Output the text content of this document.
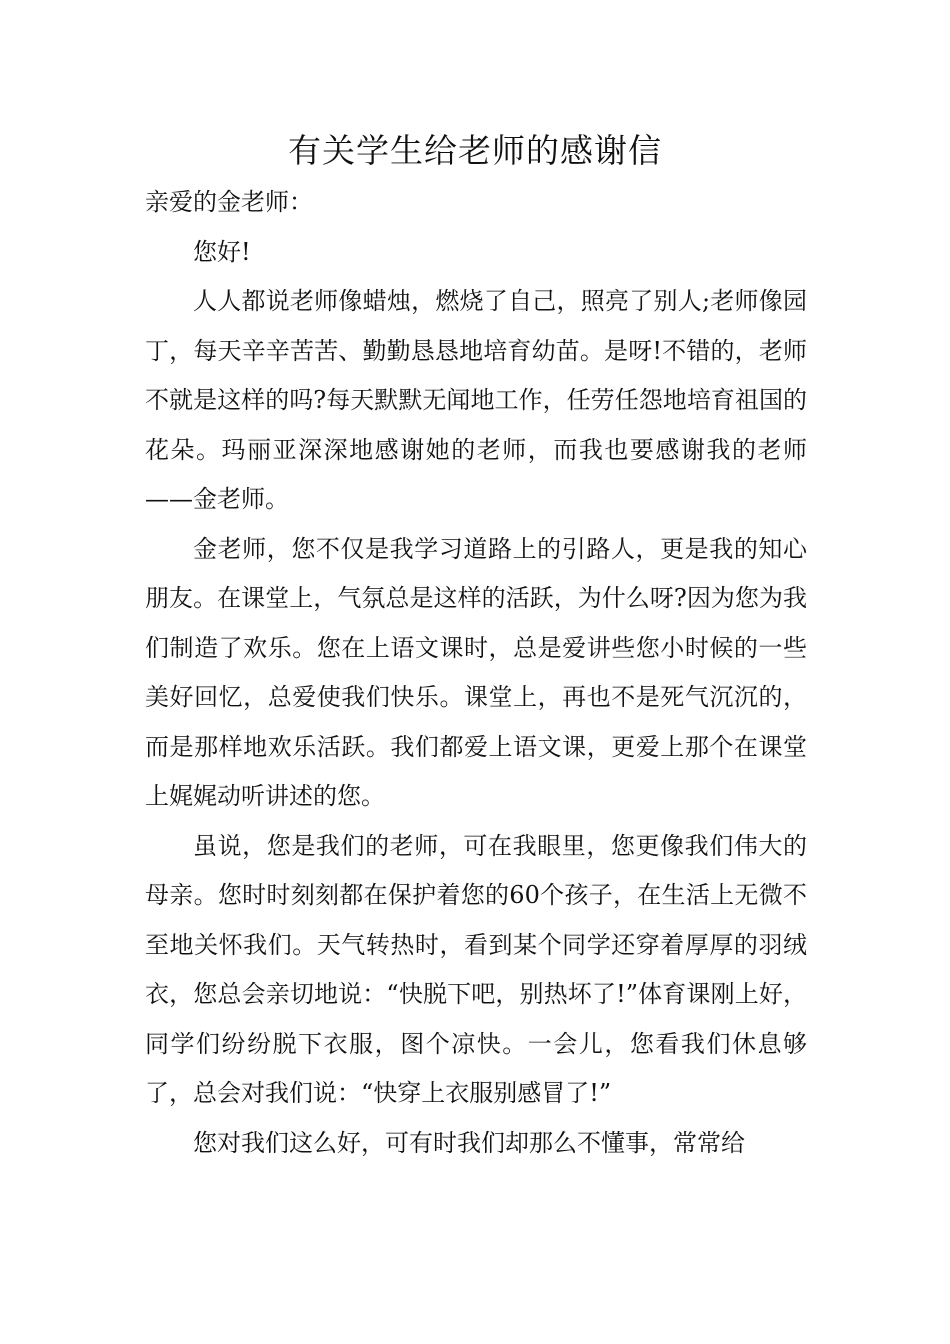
有关学生给老师的感谢信

亲爱的金老师：

您好!

人人都说老师像蜡烛，燃烧了自己，照亮了别人;老师像园丁，每天辛辛苦苦、勤勤恳恳地培育幼苗。是呀!不错的，老师不就是这样的吗?每天默默无闻地工作，任劳任怨地培育祖国的花朵。玛丽亚深深地感谢她的老师，而我也要感谢我的老师——金老师。

金老师，您不仅是我学习道路上的引路人，更是我的知心朋友。在课堂上，气氛总是这样的活跃，为什么呀?因为您为我们制造了欢乐。您在上语文课时，总是爱讲些您小时候的一些美好回忆，总爱使我们快乐。课堂上，再也不是死气沉沉的，而是那样地欢乐活跃。我们都爱上语文课，更爱上那个在课堂上娓娓动听讲述的您。

虽说，您是我们的老师，可在我眼里，您更像我们伟大的母亲。您时时刻刻都在保护着您的60个孩子，在生活上无微不至地关怀我们。天气转热时，看到某个同学还穿着厚厚的羽绒衣，您总会亲切地说：“快脱下吧，别热坏了!”体育课刚上好，同学们纷纷脱下衣服，图个凉快。一会儿，您看我们休息够了，总会对我们说：“快穿上衣服别感冒了!”

您对我们这么好，可有时我们却那么不懂事，常常给
